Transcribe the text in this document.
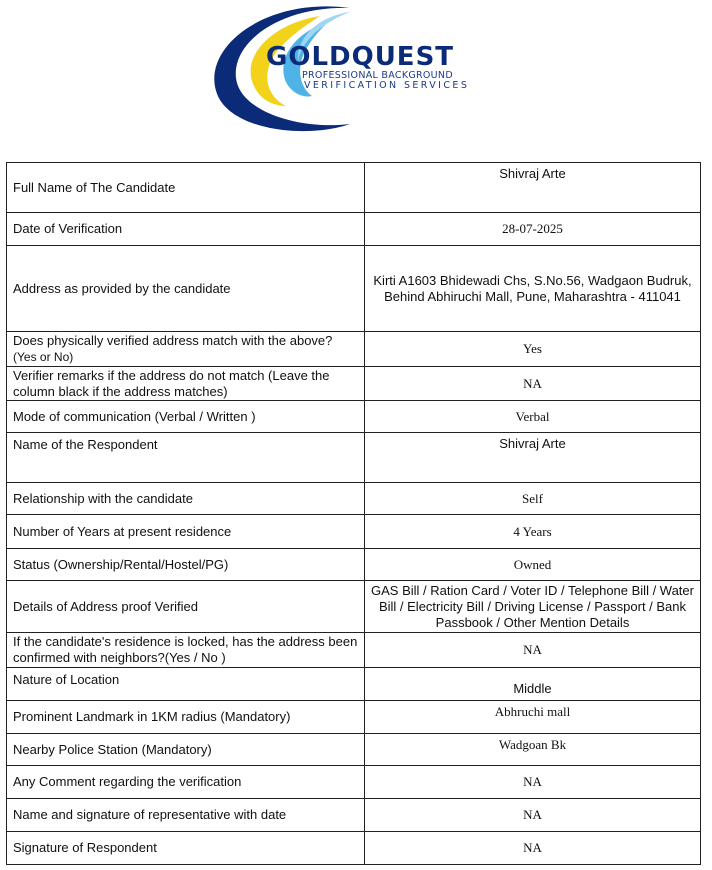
GOLDQUEST
PROFESSIONAL BACKGROUND
VERIFICATION SERVICES
Full Name of The Candidate	Shivraj Arte
Date of Verification	28-07-2025
Address as provided by the candidate	Kirti A1603 Bhidewadi Chs, S.No.56, Wadgaon Budruk, Behind Abhiruchi Mall, Pune, Maharashtra - 411041
Does physically verified address match with the above?
(Yes or No)	Yes
Verifier remarks if the address do not match (Leave the column black if the address matches)	NA
Mode of communication (Verbal / Written )	Verbal
Name of the Respondent	Shivraj Arte
Relationship with the candidate	Self
Number of Years at present residence	4 Years
Status (Ownership/Rental/Hostel/PG)	Owned
Details of Address proof Verified	GAS Bill / Ration Card / Voter ID / Telephone Bill / Water Bill / Electricity Bill / Driving License / Passport / Bank Passbook / Other Mention Details
If the candidate's residence is locked, has the address been confirmed with neighbors?(Yes / No )	NA
Nature of Location	Middle
Prominent Landmark in 1KM radius (Mandatory)	Abhruchi mall
Nearby Police Station (Mandatory)	Wadgoan Bk
Any Comment regarding the verification	NA
Name and signature of representative with date	NA
Signature of Respondent	NA
